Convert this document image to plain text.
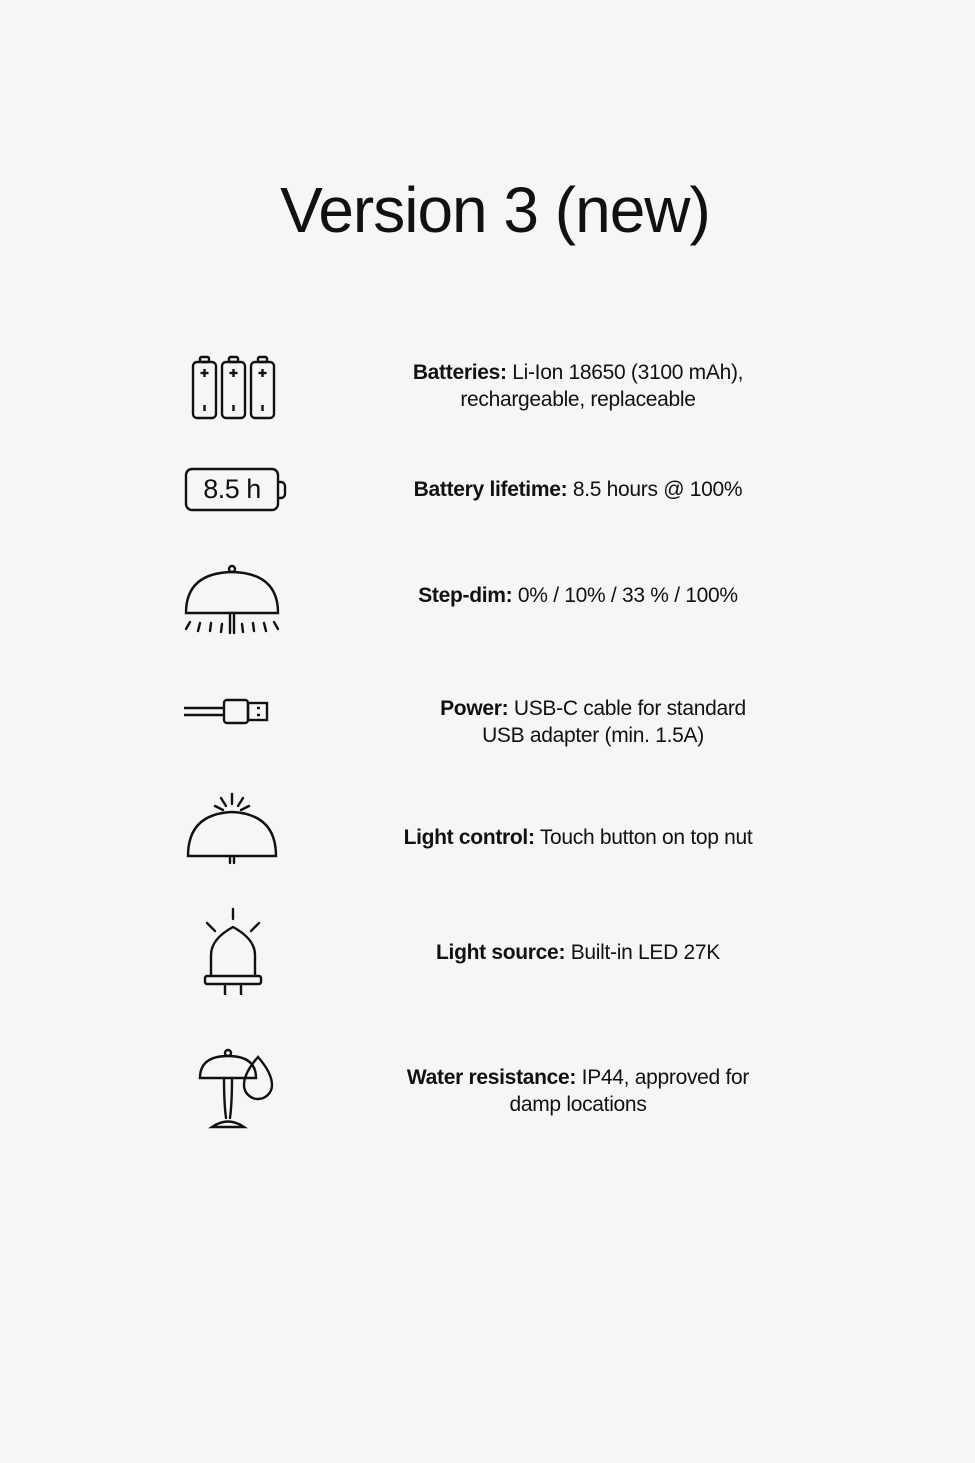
Version 3 (new)
Batteries: Li-Ion 18650 (3100 mAh),
rechargeable, replaceable
8.5 h	Battery lifetime: 8.5 hours @ 100%
Step-dim: 0% / 10% / 33 % / 100%
Power: USB-C cable for standard
USB adapter (min. 1.5A)
Light control: Touch button on top nut
Light source: Built-in LED 27K
Water resistance: IP44, approved for
damp locations
